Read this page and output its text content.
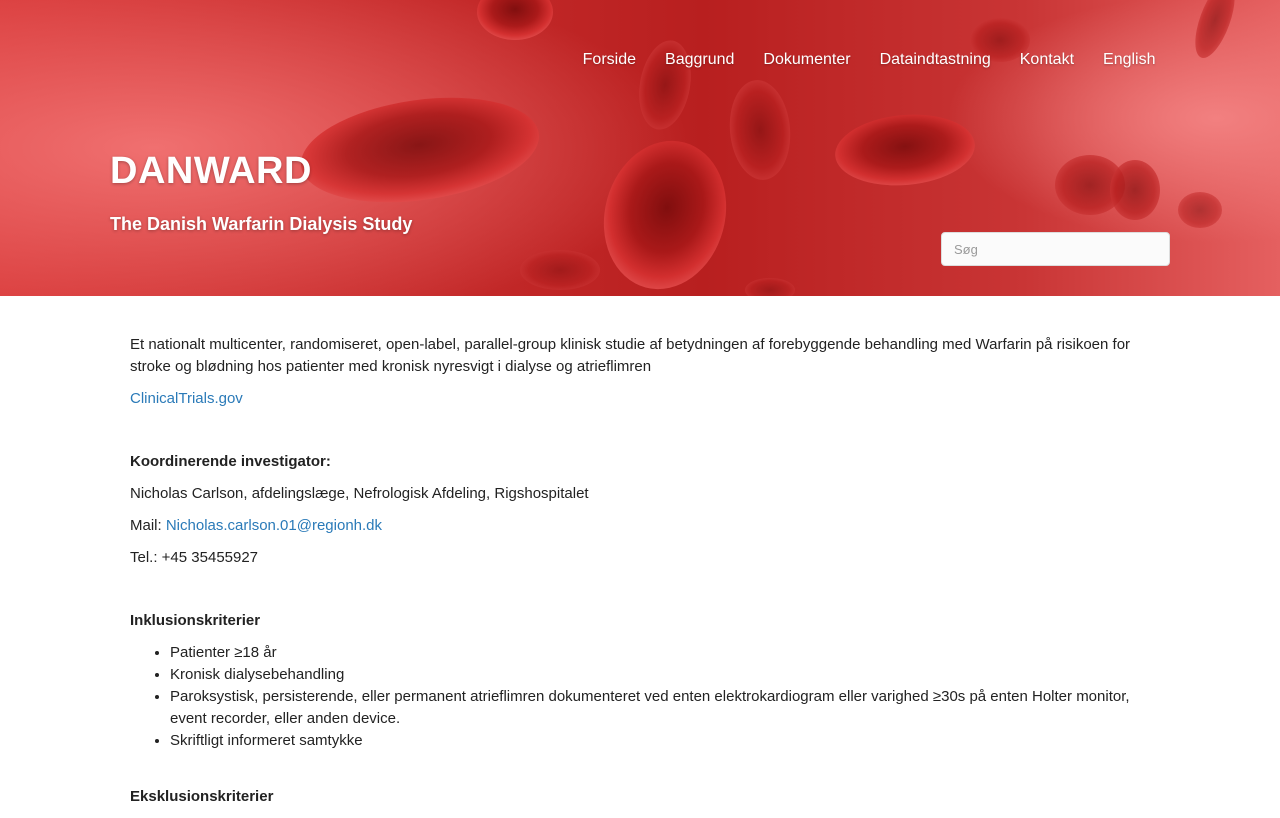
Forside	Baggrund	Dokumenter	Dataindtastning	Kontakt	English
DANWARD
The Danish Warfarin Dialysis Study
Søg

Et nationalt multicenter, randomiseret, open-label, parallel-group klinisk studie af betydningen af forebyggende behandling med Warfarin på risikoen for stroke og blødning hos patienter med kronisk nyresvigt i dialyse og atrieflimren

ClinicalTrials.gov

Koordinerende investigator:

Nicholas Carlson, afdelingslæge, Nefrologisk Afdeling, Rigshospitalet

Mail: Nicholas.carlson.01@regionh.dk

Tel.: +45 35455927

Inklusionskriterier

• Patienter ≥18 år
• Kronisk dialysebehandling
• Paroksystisk, persisterende, eller permanent atrieflimren dokumenteret ved enten elektrokardiogram eller varighed ≥30s på enten Holter monitor, event recorder, eller anden device.
• Skriftligt informeret samtykke

Eksklusionskriterier
